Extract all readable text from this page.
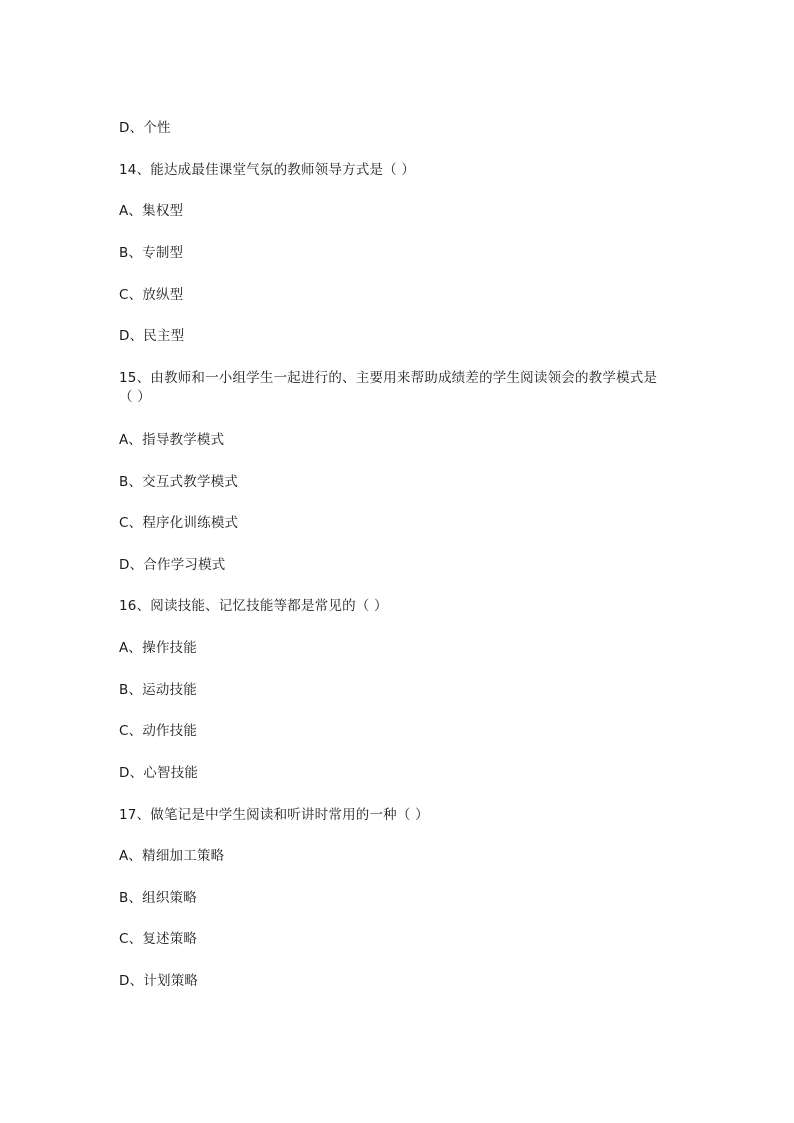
D、个性
14、能达成最佳课堂气氛的教师领导方式是（ ）
A、集权型
B、专制型
C、放纵型
D、民主型
15、由教师和一小组学生一起进行的、主要用来帮助成绩差的学生阅读领会的教学模式是
（ ）
A、指导教学模式
B、交互式教学模式
C、程序化训练模式
D、合作学习模式
16、阅读技能、记忆技能等都是常见的（ ）
A、操作技能
B、运动技能
C、动作技能
D、心智技能
17、做笔记是中学生阅读和听讲时常用的一种（ ）
A、精细加工策略
B、组织策略
C、复述策略
D、计划策略
